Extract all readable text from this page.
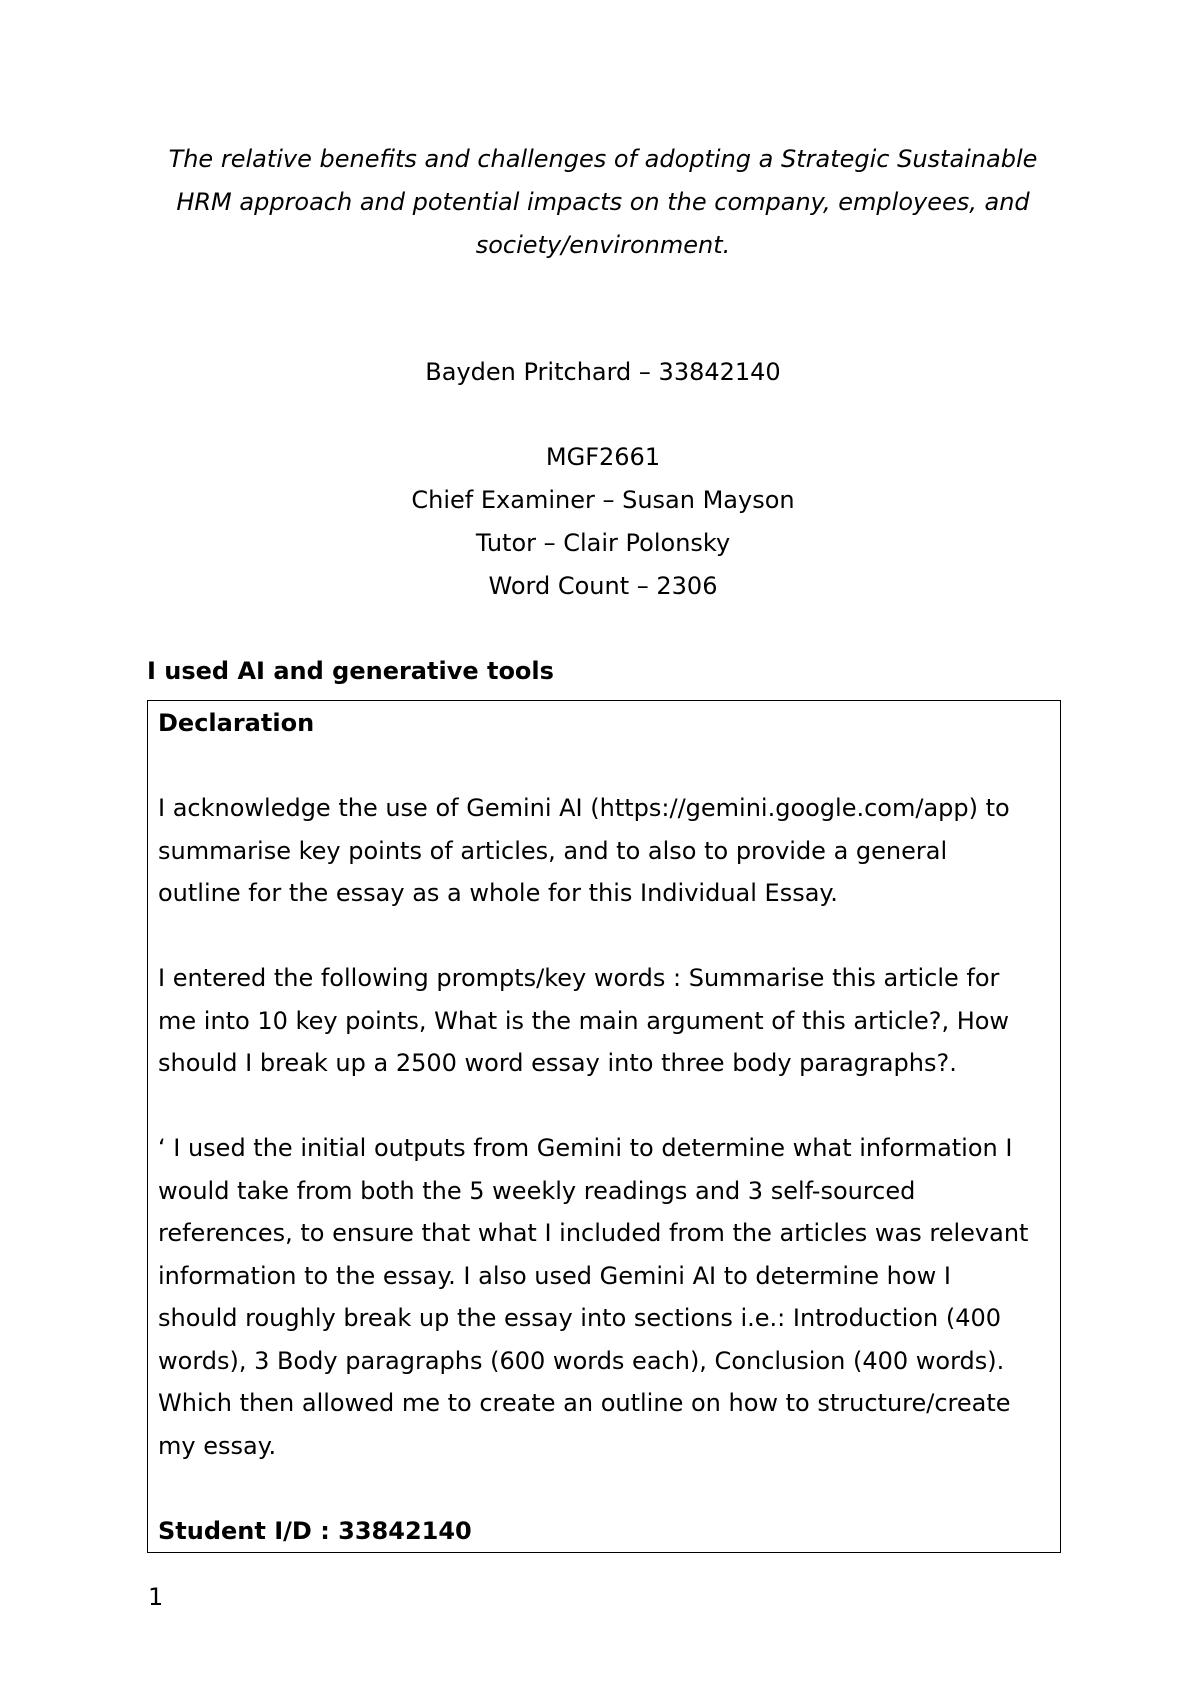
The relative benefits and challenges of adopting a Strategic Sustainable
HRM approach and potential impacts on the company, employees, and
society/environment.
Bayden Pritchard – 33842140
MGF2661
Chief Examiner – Susan Mayson
Tutor – Clair Polonsky
Word Count – 2306
I used AI and generative tools

Declaration

I acknowledge the use of Gemini AI (https://gemini.google.com/app) to

summarise key points of articles, and to also to provide a general

outline for the essay as a whole for this Individual Essay.

I entered the following prompts/key words : Summarise this article for

me into 10 key points, What is the main argument of this article?, How

should I break up a 2500 word essay into three body paragraphs?.

‘ I used the initial outputs from Gemini to determine what information I

would take from both the 5 weekly readings and 3 self-sourced

references, to ensure that what I included from the articles was relevant

information to the essay. I also used Gemini AI to determine how I

should roughly break up the essay into sections i.e.: Introduction (400

words), 3 Body paragraphs (600 words each), Conclusion (400 words).

Which then allowed me to create an outline on how to structure/create

my essay.

Student I/D : 33842140

1
